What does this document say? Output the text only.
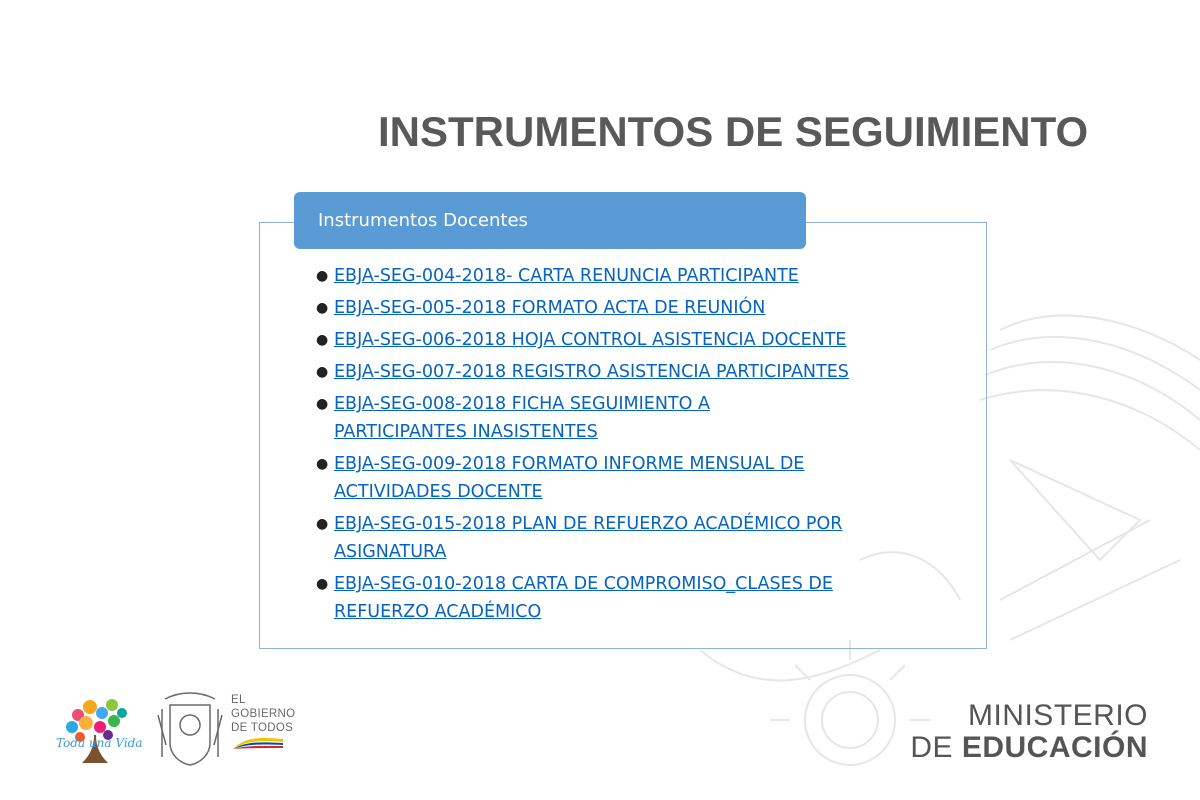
INSTRUMENTOS DE SEGUIMIENTO
Instrumentos Docentes
● EBJA-SEG-004-2018- CARTA RENUNCIA PARTICIPANTE
● EBJA-SEG-005-2018 FORMATO ACTA DE REUNIÓN
● EBJA-SEG-006-2018 HOJA CONTROL ASISTENCIA DOCENTE
● EBJA-SEG-007-2018 REGISTRO ASISTENCIA PARTICIPANTES
● EBJA-SEG-008-2018 FICHA SEGUIMIENTO A
PARTICIPANTES INASISTENTES
● EBJA-SEG-009-2018 FORMATO INFORME MENSUAL DE
ACTIVIDADES DOCENTE
● EBJA-SEG-015-2018 PLAN DE REFUERZO ACADÉMICO POR
ASIGNATURA
● EBJA-SEG-010-2018 CARTA DE COMPROMISO_CLASES DE
REFUERZO ACADÉMICO
Toda una Vida
EL
GOBIERNO
DE TODOS	MINISTERIO
DE EDUCACIÓN
